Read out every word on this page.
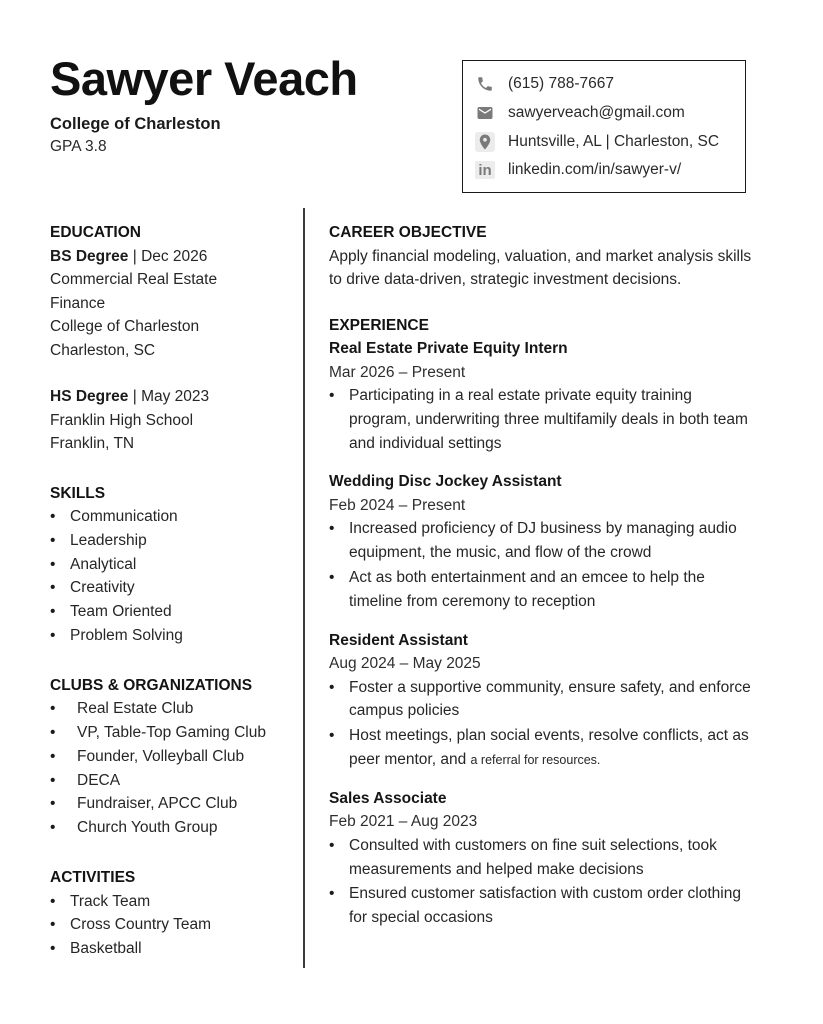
Sawyer Veach
College of Charleston
GPA 3.8
(615) 788-7667
sawyerveach@gmail.com
Huntsville, AL | Charleston, SC
in linkedin.com/in/sawyer-v/
EDUCATION
BS Degree | Dec 2026
Commercial Real Estate Finance
College of Charleston
Charleston, SC
HS Degree | May 2023
Franklin High School
Franklin, TN
SKILLS
•
Communication
•
Leadership
•
Analytical
•
Creativity
•
Team Oriented
•
Problem Solving
CLUBS & ORGANIZATIONS
•
Real Estate Club
•
VP, Table-Top Gaming Club
•
Founder, Volleyball Club
•
DECA
•
Fundraiser, APCC Club
•
Church Youth Group
ACTIVITIES
•
Track Team
•
Cross Country Team
•
Basketball
CAREER OBJECTIVE
Apply financial modeling, valuation, and market analysis skills to drive data-driven, strategic investment decisions.
EXPERIENCE
Real Estate Private Equity Intern
Mar 2026 – Present
•
Participating in a real estate private equity training program, underwriting three multifamily deals in both team and individual settings
Wedding Disc Jockey Assistant
Feb 2024 – Present
•
Increased proficiency of DJ business by managing audio equipment, the music, and flow of the crowd
•
Act as both entertainment and an emcee to help the timeline from ceremony to reception
Resident Assistant
Aug 2024 – May 2025
•
Foster a supportive community, ensure safety, and enforce campus policies
•
Host meetings, plan social events, resolve conflicts, act as peer mentor, and a referral for resources.
Sales Associate
Feb 2021 – Aug 2023
•
Consulted with customers on fine suit selections, took measurements and helped make decisions
•
Ensured customer satisfaction with custom order clothing for special occasions
